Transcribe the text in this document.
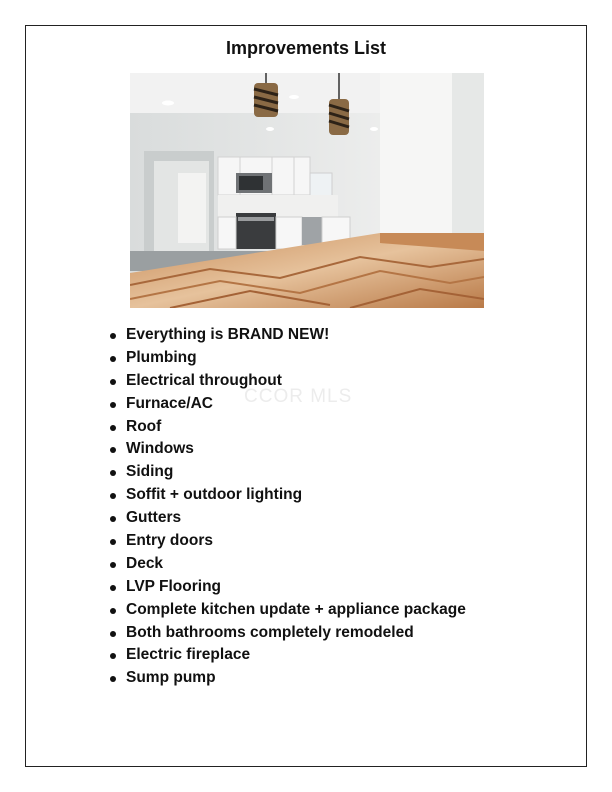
Improvements List
CCOR MLS
Everything is BRAND NEW!
Plumbing
Electrical throughout
Furnace/AC
Roof
Windows
Siding
Soffit + outdoor lighting
Gutters
Entry doors
Deck
LVP Flooring
Complete kitchen update + appliance package
Both bathrooms completely remodeled
Electric fireplace
Sump pump
